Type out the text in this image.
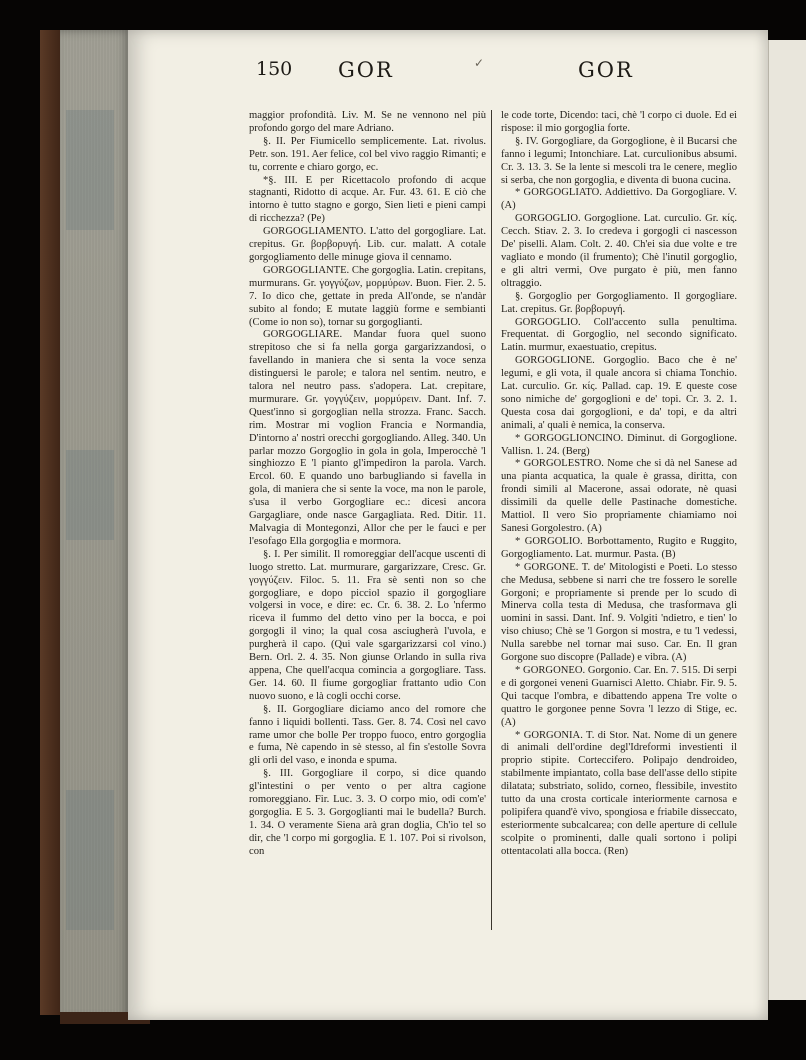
150 GOR	GOR
✓

maggior profondità. Liv. M. Se ne vennono nel più profondo gorgo del mare Adriano.

§. II. Per Fiumicello semplicemente. Lat. rivolus. Petr. son. 191. Aer felice, col bel vivo raggio Rimanti; e tu, corrente e chiaro gorgo, ec.

*§. III. E per Ricettacolo profondo di acque stagnanti, Ridotto di acque. Ar. Fur. 43. 61. E ciò che intorno è tutto stagno e gorgo, Sien lieti e pieni campi di ricchezza? (Pe)

GORGOGLIAMENTO. L'atto del gorgogliare. Lat. crepitus. Gr. βορβορυγή. Lib. cur. malatt. A cotale gorgogliamento delle minuge giova il cennamo.

GORGOGLIANTE. Che gorgoglia. Latin. crepitans, murmurans. Gr. γογγύζων, μορμύρων. Buon. Fier. 2. 5. 7. Io dico che, gettate in preda All'onde, se n'andàr subito al fondo; E mutate laggiù forme e sembianti (Come io non so), tornar su gorgoglianti.

GORGOGLIARE. Mandar fuora quel suono strepitoso che si fa nella gorga gargarizzandosi, o favellando in maniera che si senta la voce senza distinguersi le parole; e talora nel sentim. neutro, e talora nel neutro pass. s'adopera. Lat. crepitare, murmurare. Gr. γογγύζειν, μορμύρειν. Dant. Inf. 7. Quest'inno si gorgoglian nella strozza. Franc. Sacch. rim. Mostrar mi voglion Francia e Normandia, D'intorno a' nostri orecchi gorgogliando. Alleg. 340. Un parlar mozzo Gorgoglio in gola in gola, Imperocchè 'l singhiozzo E 'l pianto gl'impediron la parola. Varch. Ercol. 60. E quando uno barbugliando si favella in gola, di maniera che si sente la voce, ma non le parole, s'usa il verbo Gorgogliare ec.: dicesi ancora Gargagliare, onde nasce Gargagliata. Red. Ditir. 11. Malvagia di Montegonzi, Allor che per le fauci e per l'esofago Ella gorgoglia e mormora.

§. I. Per similit. Il romoreggiar dell'acque uscenti di luogo stretto. Lat. murmurare, gargarizzare, Cresc. Gr. γογγύζειν. Filoc. 5. 11. Fra sè sentì non so che gorgogliare, e dopo picciol spazio il gorgogliare volgersi in voce, e dire: ec. Cr. 6. 38. 2. Lo 'nfermo riceva il fummo del detto vino per la bocca, e poi gorgogli il vino; la qual cosa asciugherà l'uvola, e purgherà il capo. (Qui vale sgargarizzarsi col vino.) Bern. Orl. 2. 4. 35. Non giunse Orlando in sulla riva appena, Che quell'acqua comincia a gorgogliare. Tass. Ger. 14. 60. Il fiume gorgogliar frattanto udìo Con nuovo suono, e là cogli occhi corse.

§. II. Gorgogliare diciamo anco del romore che fanno i liquidi bollenti. Tass. Ger. 8. 74. Così nel cavo rame umor che bolle Per troppo fuoco, entro gorgoglia e fuma, Nè capendo in sè stesso, al fin s'estolle Sovra gli orli del vaso, e inonda e spuma.

§. III. Gorgogliare il corpo, si dice quando gl'intestini o per vento o per altra cagione romoreggiano. Fir. Luc. 3. 3. O corpo mio, odi com'e' gorgoglia. E 5. 3. Gorgoglianti mai le budella? Burch. 1. 34. O veramente Siena arà gran doglia, Ch'io tel so dir, che 'l corpo mi gorgoglia. E 1. 107. Poi si rivolson, con

le code torte, Dicendo: taci, chè 'l corpo ci duole. Ed ei rispose: il mio gorgoglia forte.

§. IV. Gorgogliare, da Gorgoglione, è il Bucarsi che fanno i legumi; Intonchiare. Lat. curculionibus absumi. Cr. 3. 13. 3. Se la lente si mescoli tra le cenere, meglio si serba, che non gorgoglia, e diventa di buona cucina.

* GORGOGLIATO. Addiettivo. Da Gorgogliare. V. (A)

GORGOGLIO. Gorgoglione. Lat. curculio. Gr. κίς. Cecch. Stiav. 2. 3. Io credeva i gorgogli ci nascesson De' piselli. Alam. Colt. 2. 40. Ch'ei sia due volte e tre vagliato e mondo (il frumento); Chè l'inutil gorgoglio, e gli altri vermi, Ove purgato è più, men fanno oltraggio.

§. Gorgoglio per Gorgogliamento. Il gorgogliare. Lat. crepitus. Gr. βορβορυγή.

GORGOGLIO. Coll'accento sulla penultima. Frequentat. di Gorgoglio, nel secondo significato. Latin. murmur, exaestuatio, crepitus.

GORGOGLIONE. Gorgoglio. Baco che è ne' legumi, e gli vota, il quale ancora si chiama Tonchio. Lat. curculio. Gr. κίς. Pallad. cap. 19. E queste cose sono nimiche de' gorgoglioni e de' topi. Cr. 3. 2. 1. Questa cosa dai gorgoglioni, e da' topi, e da altri animali, a' quali è nemica, la conserva.

* GORGOGLIONCINO. Diminut. di Gorgoglione. Vallisn. 1. 24. (Berg)

* GORGOLESTRO. Nome che si dà nel Sanese ad una pianta acquatica, la quale è grassa, diritta, con frondi simili al Macerone, assai odorate, nè quasi dissimili da quelle delle Pastinache domestiche. Mattiol. Il vero Sio propriamente chiamiamo noi Sanesi Gorgolestro. (A)

* GORGOLIO. Borbottamento, Rugito e Ruggito, Gorgogliamento. Lat. murmur. Pasta. (B)

* GORGONE. T. de' Mitologisti e Poeti. Lo stesso che Medusa, sebbene si narri che tre fossero le sorelle Gorgoni; e propriamente si prende per lo scudo di Minerva colla testa di Medusa, che trasformava gli uomini in sassi. Dant. Inf. 9. Volgiti 'ndietro, e tien' lo viso chiuso; Chè se 'l Gorgon si mostra, e tu 'l vedessi, Nulla sarebbe nel tornar mai suso. Car. En. Il gran Gorgone suo discopre (Pallade) e vibra. (A)

* GORGONEO. Gorgonio. Car. En. 7. 515. Di serpi e di gorgonei veneni Guarnisci Aletto. Chiabr. Fir. 9. 5. Qui tacque l'ombra, e dibattendo appena Tre volte o quattro le gorgonee penne Sovra 'l lezzo di Stige, ec. (A)

* GORGONIA. T. di Stor. Nat. Nome di un genere di animali dell'ordine degl'Idreformi investienti il proprio stipite. Corteccifero. Polipajo dendroideo, stabilmente impiantato, colla base dell'asse dello stipite dilatata; substriato, solido, corneo, flessibile, investito tutto da una crosta corticale interiormente carnosa e polipifera quand'è vivo, spongiosa e friabile disseccato, esteriormente subcalcarea; con delle aperture di cellule scolpite o prominenti, dalle quali sortono i polipi ottentacolati alla bocca. (Ren)
